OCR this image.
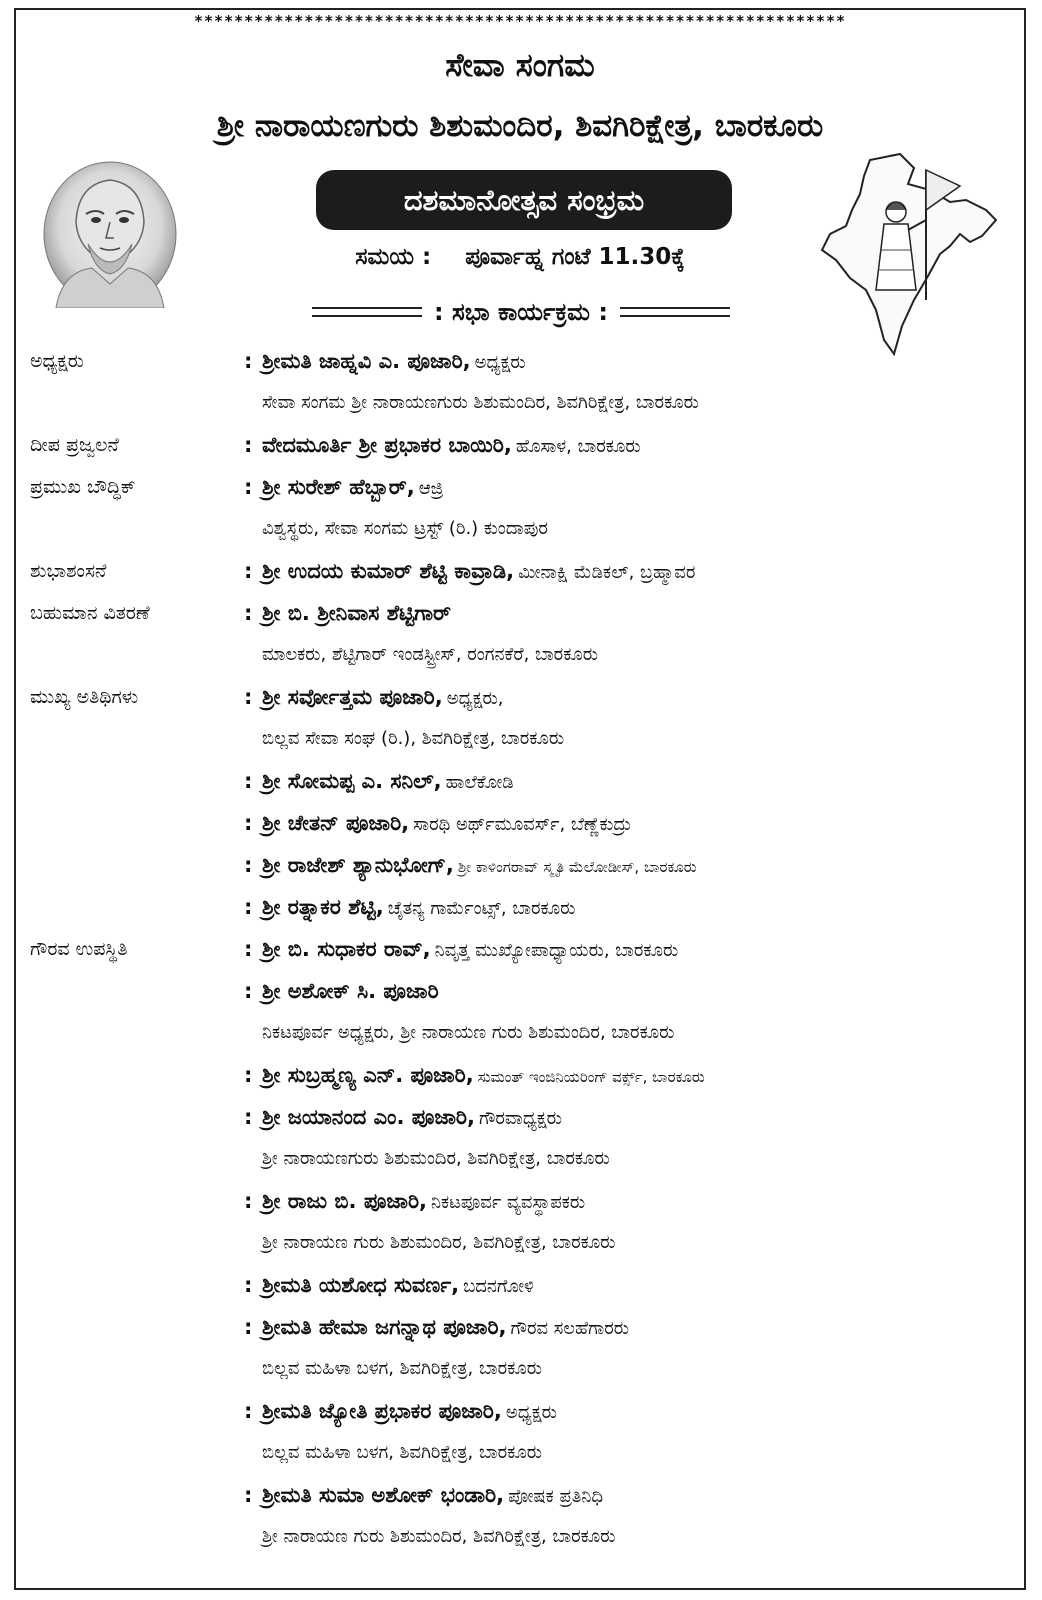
*****************************************************************
ಸೇವಾ ಸಂಗಮ
ಶ್ರೀ ನಾರಾಯಣಗುರು ಶಿಶುಮಂದಿರ, ಶಿವಗಿರಿಕ್ಷೇತ್ರ, ಬಾರಕೂರು
ದಶಮಾನೋತ್ಸವ ಸಂಭ್ರಮ
ಸಮಯ : ಪೂರ್ವಾಹ್ನ ಗಂಟೆ 11.30ಕ್ಕೆ
: ಸಭಾ ಕಾರ್ಯಕ್ರಮ :
ಅಧ್ಯಕ್ಷರು	: ಶ್ರೀಮತಿ ಜಾಹ್ನವಿ ಎ. ಪೂಜಾರಿ, ಅಧ್ಯಕ್ಷರು
ಸೇವಾ ಸಂಗಮ ಶ್ರೀ ನಾರಾಯಣಗುರು ಶಿಶುಮಂದಿರ, ಶಿವಗಿರಿಕ್ಷೇತ್ರ, ಬಾರಕೂರು
ದೀಪ ಪ್ರಜ್ವಲನೆ	: ವೇದಮೂರ್ತಿ ಶ್ರೀ ಪ್ರಭಾಕರ ಬಾಯಿರಿ, ಹೊಸಾಳ, ಬಾರಕೂರು
ಪ್ರಮುಖ ಬೌದ್ಧಿಕ್	: ಶ್ರೀ ಸುರೇಶ್ ಹೆಬ್ಬಾರ್, ಆಜ್ರಿ
ವಿಶ್ವಸ್ಥರು, ಸೇವಾ ಸಂಗಮ ಟ್ರಸ್ಟ್ (ರಿ.) ಕುಂದಾಪುರ
ಶುಭಾಶಂಸನೆ	: ಶ್ರೀ ಉದಯ ಕುಮಾರ್ ಶೆಟ್ಟಿ ಕಾವ್ರಾಡಿ, ಮೀನಾಕ್ಷಿ ಮೆಡಿಕಲ್, ಬ್ರಹ್ಮಾವರ
ಬಹುಮಾನ ವಿತರಣೆ	: ಶ್ರೀ ಬಿ. ಶ್ರೀನಿವಾಸ ಶೆಟ್ಟಿಗಾರ್
ಮಾಲಕರು, ಶೆಟ್ಟಿಗಾರ್ ಇಂಡಸ್ಟ್ರೀಸ್, ರಂಗನಕೆರೆ, ಬಾರಕೂರು
ಮುಖ್ಯ ಅತಿಥಿಗಳು	: ಶ್ರೀ ಸರ್ವೋತ್ತಮ ಪೂಜಾರಿ, ಅಧ್ಯಕ್ಷರು,
ಬಿಲ್ಲವ ಸೇವಾ ಸಂಘ (ರಿ.), ಶಿವಗಿರಿಕ್ಷೇತ್ರ, ಬಾರಕೂರು
: ಶ್ರೀ ಸೋಮಪ್ಪ ಎ. ಸನಿಲ್, ಹಾಲೆಕೋಡಿ
: ಶ್ರೀ ಚೇತನ್ ಪೂಜಾರಿ, ಸಾರಥಿ ಅರ್ಥ್‌ಮೂವರ್ಸ್, ಬೆಣ್ಣೆಕುದ್ರು
: ಶ್ರೀ ರಾಜೇಶ್ ಶ್ಯಾನುಭೋಗ್, ಶ್ರೀ ಕಾಳಿಂಗರಾವ್ ಸ್ಮೃತಿ ಮೆಲೋಡೀಸ್, ಬಾರಕೂರು
: ಶ್ರೀ ರತ್ನಾಕರ ಶೆಟ್ಟಿ, ಚೈತನ್ಯ ಗಾರ್ಮೆಂಟ್ಸ್, ಬಾರಕೂರು
ಗೌರವ ಉಪಸ್ಥಿತಿ	: ಶ್ರೀ ಬಿ. ಸುಧಾಕರ ರಾವ್, ನಿವೃತ್ತ ಮುಖ್ಯೋಪಾಧ್ಯಾಯರು, ಬಾರಕೂರು
: ಶ್ರೀ ಅಶೋಕ್ ಸಿ. ಪೂಜಾರಿ
ನಿಕಟಪೂರ್ವ ಅಧ್ಯಕ್ಷರು, ಶ್ರೀ ನಾರಾಯಣ ಗುರು ಶಿಶುಮಂದಿರ, ಬಾರಕೂರು
: ಶ್ರೀ ಸುಬ್ರಹ್ಮಣ್ಯ ಎನ್. ಪೂಜಾರಿ, ಸುಮಂತ್ ಇಂಜಿನಿಯರಿಂಗ್ ವರ್ಕ್ಸ್, ಬಾರಕೂರು
: ಶ್ರೀ ಜಯಾನಂದ ಎಂ. ಪೂಜಾರಿ, ಗೌರವಾಧ್ಯಕ್ಷರು
ಶ್ರೀ ನಾರಾಯಣಗುರು ಶಿಶುಮಂದಿರ, ಶಿವಗಿರಿಕ್ಷೇತ್ರ, ಬಾರಕೂರು
: ಶ್ರೀ ರಾಜು ಬಿ. ಪೂಜಾರಿ, ನಿಕಟಪೂರ್ವ ವ್ಯವಸ್ಥಾಪಕರು
ಶ್ರೀ ನಾರಾಯಣ ಗುರು ಶಿಶುಮಂದಿರ, ಶಿವಗಿರಿಕ್ಷೇತ್ರ, ಬಾರಕೂರು
: ಶ್ರೀಮತಿ ಯಶೋಧ ಸುವರ್ಣ, ಬದನಗೋಳಿ
: ಶ್ರೀಮತಿ ಹೇಮಾ ಜಗನ್ನಾಥ ಪೂಜಾರಿ, ಗೌರವ ಸಲಹೆಗಾರರು
ಬಿಲ್ಲವ ಮಹಿಳಾ ಬಳಗ, ಶಿವಗಿರಿಕ್ಷೇತ್ರ, ಬಾರಕೂರು
: ಶ್ರೀಮತಿ ಜ್ಯೋತಿ ಪ್ರಭಾಕರ ಪೂಜಾರಿ, ಅಧ್ಯಕ್ಷರು
ಬಿಲ್ಲವ ಮಹಿಳಾ ಬಳಗ, ಶಿವಗಿರಿಕ್ಷೇತ್ರ, ಬಾರಕೂರು
: ಶ್ರೀಮತಿ ಸುಮಾ ಅಶೋಕ್ ಭಂಡಾರಿ, ಪೋಷಕ ಪ್ರತಿನಿಧಿ
ಶ್ರೀ ನಾರಾಯಣ ಗುರು ಶಿಶುಮಂದಿರ, ಶಿವಗಿರಿಕ್ಷೇತ್ರ, ಬಾರಕೂರು
